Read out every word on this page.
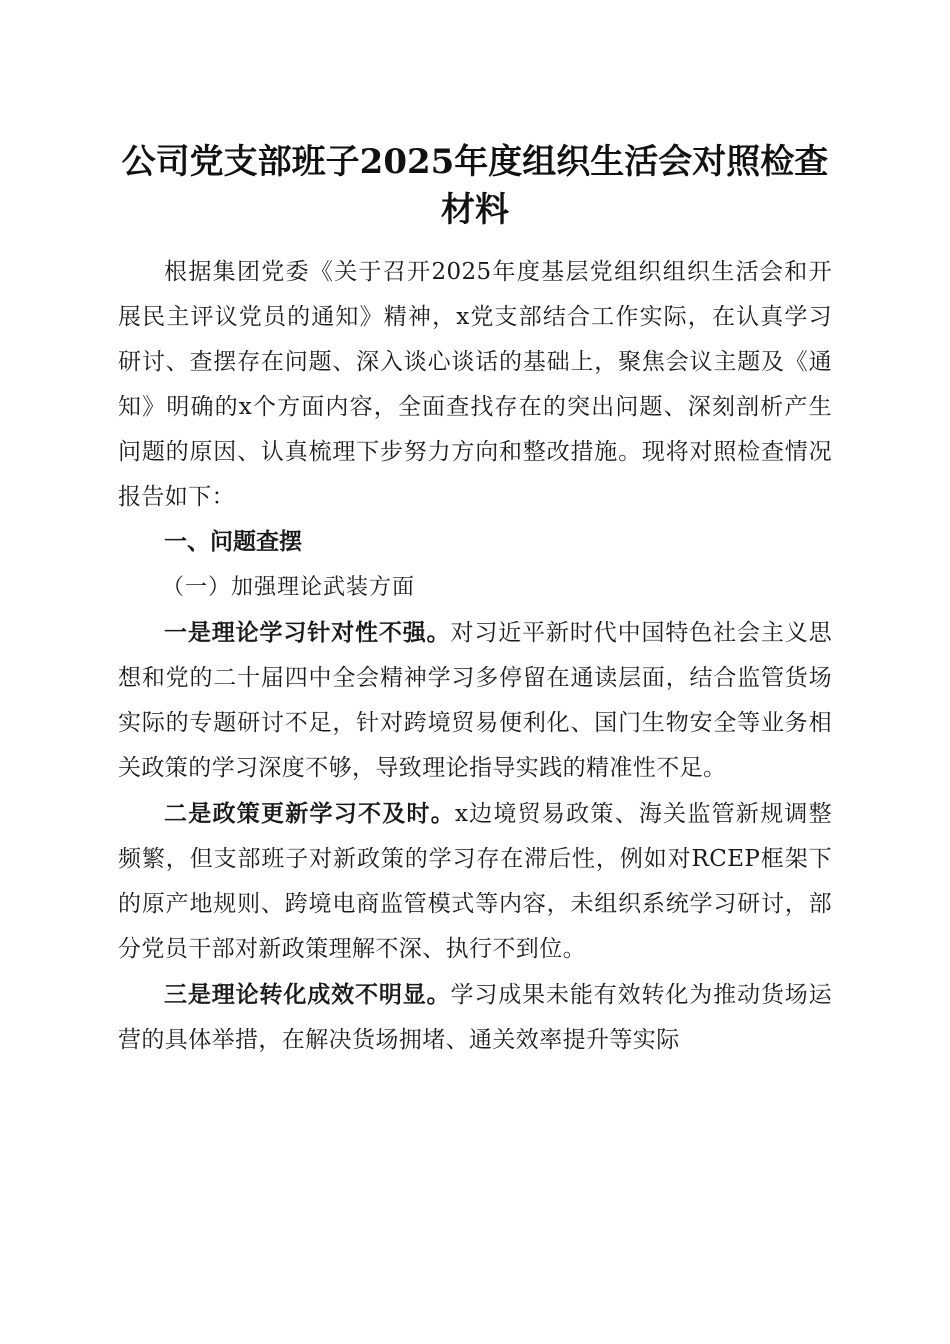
公司党支部班子2025年度组织生活会对照检查材料

根据集团党委《关于召开2025年度基层党组织组织生活会和开展民主评议党员的通知》精神，x党支部结合工作实际，在认真学习研讨、查摆存在问题、深入谈心谈话的基础上，聚焦会议主题及《通知》明确的x个方面内容，全面查找存在的突出问题、深刻剖析产生问题的原因、认真梳理下步努力方向和整改措施。现将对照检查情况报告如下：

一、问题查摆

（一）加强理论武装方面

一是理论学习针对性不强。对习近平新时代中国特色社会主义思想和党的二十届四中全会精神学习多停留在通读层面，结合监管货场实际的专题研讨不足，针对跨境贸易便利化、国门生物安全等业务相关政策的学习深度不够，导致理论指导实践的精准性不足。

二是政策更新学习不及时。x边境贸易政策、海关监管新规调整频繁，但支部班子对新政策的学习存在滞后性，例如对RCEP框架下的原产地规则、跨境电商监管模式等内容，未组织系统学习研讨，部分党员干部对新政策理解不深、执行不到位。

三是理论转化成效不明显。学习成果未能有效转化为推动货场运营的具体举措，在解决货场拥堵、通关效率提升等实际
